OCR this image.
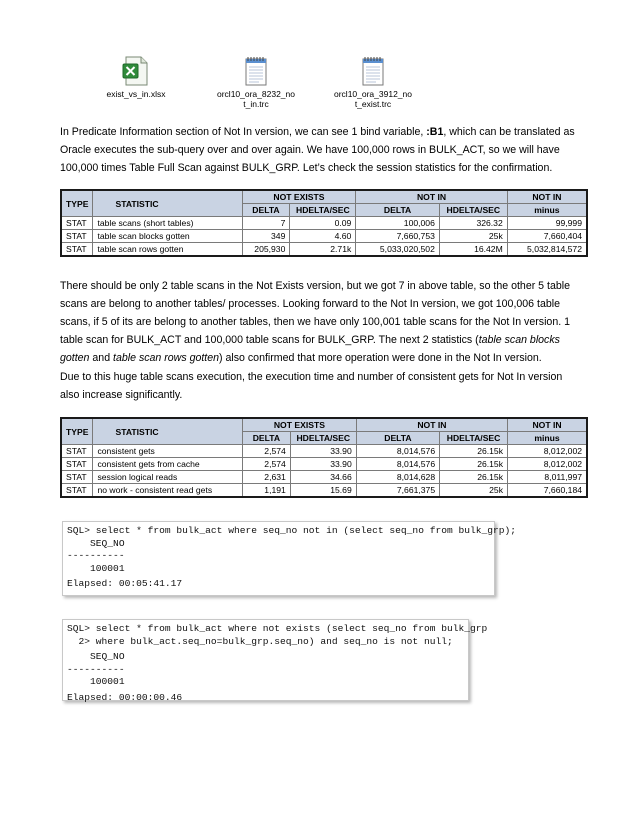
exist_vs_in.xlsx	orcl10_ora_8232_no
t_in.trc
orcl10_ora_3912_no
t_exist.trc

In Predicate Information section of Not In version, we can see 1 bind variable, :B1, which can be translated as Oracle executes the sub-query over and over again. We have 100,000 rows in BULK_ACT, so we will have 100,000 times Table Full Scan against BULK_GRP. Let’s check the session statistics for the confirmation.

TYPE	STATISTIC	NOT EXISTS		NOT IN		NOT IN
		DELTA	HDELTA/SEC	DELTA	HDELTA/SEC	minus
STAT	table scans (short tables)	7	0.09	100,006	326.32	99,999
STAT	table scan blocks gotten	349	4.60	7,660,753	25k	7,660,404
STAT	table scan rows gotten	205,930	2.71k	5,033,020,502	16.42M	5,032,814,572

There should be only 2 table scans in the Not Exists version, but we got 7 in above table, so the other 5 table scans are belong to another tables/ processes. Looking forward to the Not In version, we got 100,006 table scans, if 5 of its are belong to another tables, then we have only 100,001 table scans for the Not In version. 1 table scan for BULK_ACT and 100,000 table scans for BULK_GRP. The next 2 statistics (table scan blocks gotten and table scan rows gotten) also confirmed that more operation were done in the Not In version.

Due to this huge table scans execution, the execution time and number of consistent gets for Not In version also increase significantly.

TYPE	STATISTIC	NOT EXISTS		NOT IN		NOT IN
		DELTA	HDELTA/SEC	DELTA	HDELTA/SEC	minus
STAT	consistent gets	2,574	33.90	8,014,576	26.15k	8,012,002
STAT	consistent gets from cache	2,574	33.90	8,014,576	26.15k	8,012,002
STAT	session logical reads	2,631	34.66	8,014,628	26.15k	8,011,997
STAT	no work - consistent read gets	1,191	15.69	7,661,375	25k	7,660,184
SQL> select * from bulk_act where seq_no not in (select seq_no from bulk_grp);
SEQ_NO
----------
100001
Elapsed: 00:05:41.17
SQL> select * from bulk_act where not exists (select seq_no from bulk_grp
2> where bulk_act.seq_no=bulk_grp.seq_no) and seq_no is not null;
SEQ_NO
----------
100001
Elapsed: 00:00:00.46
